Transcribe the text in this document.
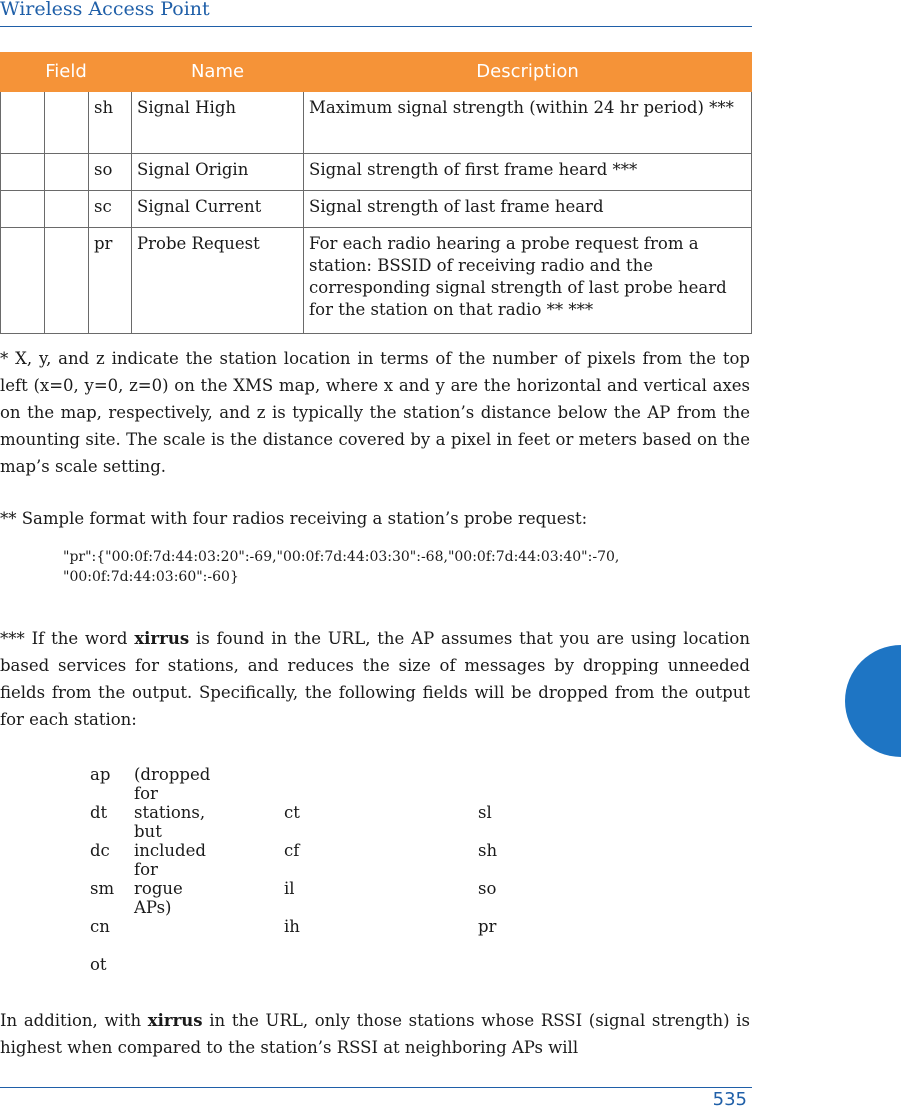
Wireless Access Point
Field			Name	Description
		sh	Signal High	Maximum signal strength (within 24 hr period) ***
		so	Signal Origin	Signal strength of first frame heard ***
		sc	Signal Current	Signal strength of last frame heard
		pr	Probe Request	For each radio hearing a probe request from a station: BSSID of receiving radio and the corresponding signal strength of last probe heard for the station on that radio ** ***
* X, y, and z indicate the station location in terms of the number of pixels from the top left (x=0, y=0, z=0) on the XMS map, where x and y are the horizontal and vertical axes on the map, respectively, and z is typically the station’s distance below the AP from the mounting site. The scale is the distance covered by a pixel in feet or meters based on the map’s scale setting.
** Sample format with four radios receiving a station’s probe request:
"pr":{"00:0f:7d:44:03:20":-69,"00:0f:7d:44:03:30":-68,"00:0f:7d:44:03:40":-70, "00:0f:7d:44:03:60":-60}
*** If the word xirrus is found in the URL, the AP assumes that you are using location based services for stations, and reduces the size of messages by dropping unneeded fields from the output. Specifically, the following fields will be dropped from the output for each station:
ap (dropped for stations, but included for rogue APs)
dt	ct	sl
dc	cf	sh
sm	il	so
cn	ih	pr
ot
In addition, with xirrus in the URL, only those stations whose RSSI (signal strength) is highest when compared to the station’s RSSI at neighboring APs will
535
